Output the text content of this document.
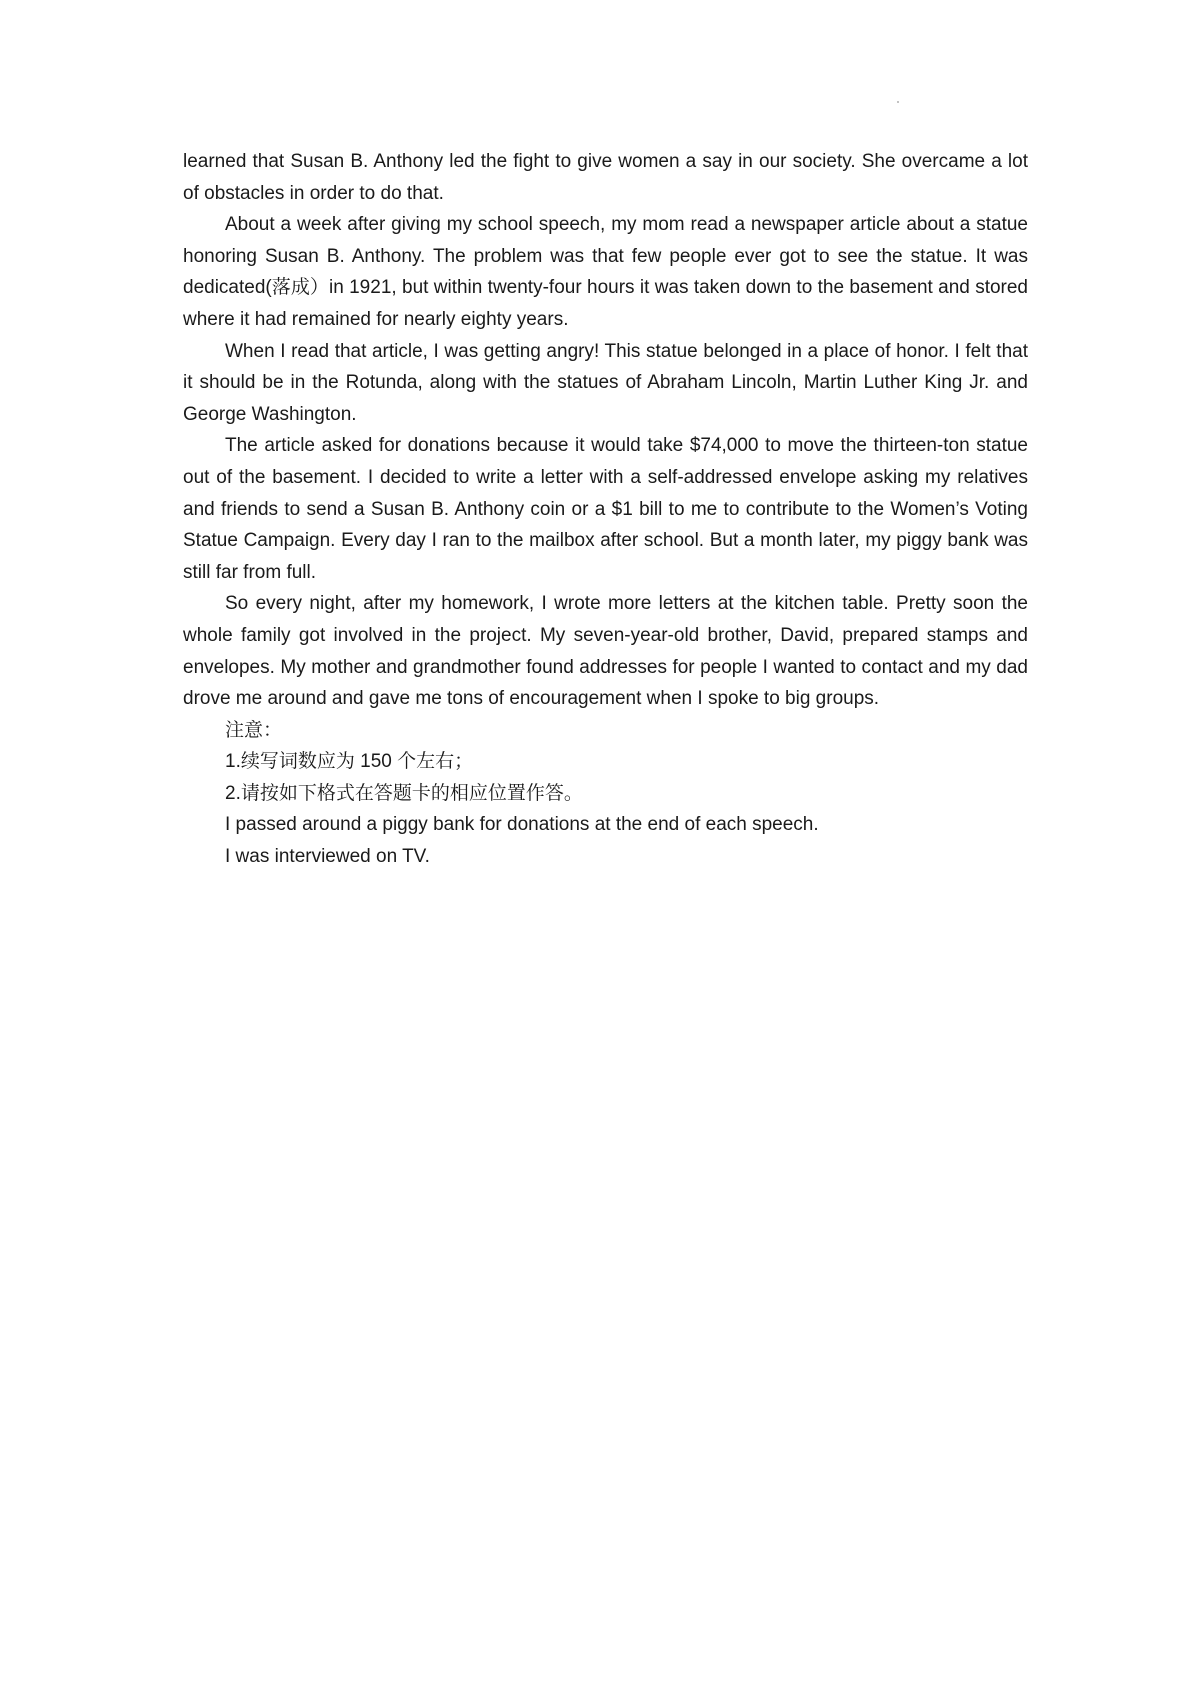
learned that Susan B. Anthony led the fight to give women a say in our society. She overcame a lot of obstacles in order to do that.

About a week after giving my school speech, my mom read a newspaper article about a statue honoring Susan B. Anthony. The problem was that few people ever got to see the statue. It was dedicated(落成）in 1921, but within twenty-four hours it was taken down to the basement and stored where it had remained for nearly eighty years.

When I read that article, I was getting angry! This statue belonged in a place of honor. I felt that it should be in the Rotunda, along with the statues of Abraham Lincoln, Martin Luther King Jr. and George Washington.

The article asked for donations because it would take $74,000 to move the thirteen-ton statue out of the basement. I decided to write a letter with a self-addressed envelope asking my relatives and friends to send a Susan B. Anthony coin or a $1 bill to me to contribute to the Women’s Voting Statue Campaign. Every day I ran to the mailbox after school. But a month later, my piggy bank was still far from full.

So every night, after my homework, I wrote more letters at the kitchen table. Pretty soon the whole family got involved in the project. My seven-year-old brother, David, prepared stamps and envelopes. My mother and grandmother found addresses for people I wanted to contact and my dad drove me around and gave me tons of encouragement when I spoke to big groups.

注意：

1.续写词数应为 150 个左右；

2.请按如下格式在答题卡的相应位置作答。

I passed around a piggy bank for donations at the end of each speech.

I was interviewed on TV.
